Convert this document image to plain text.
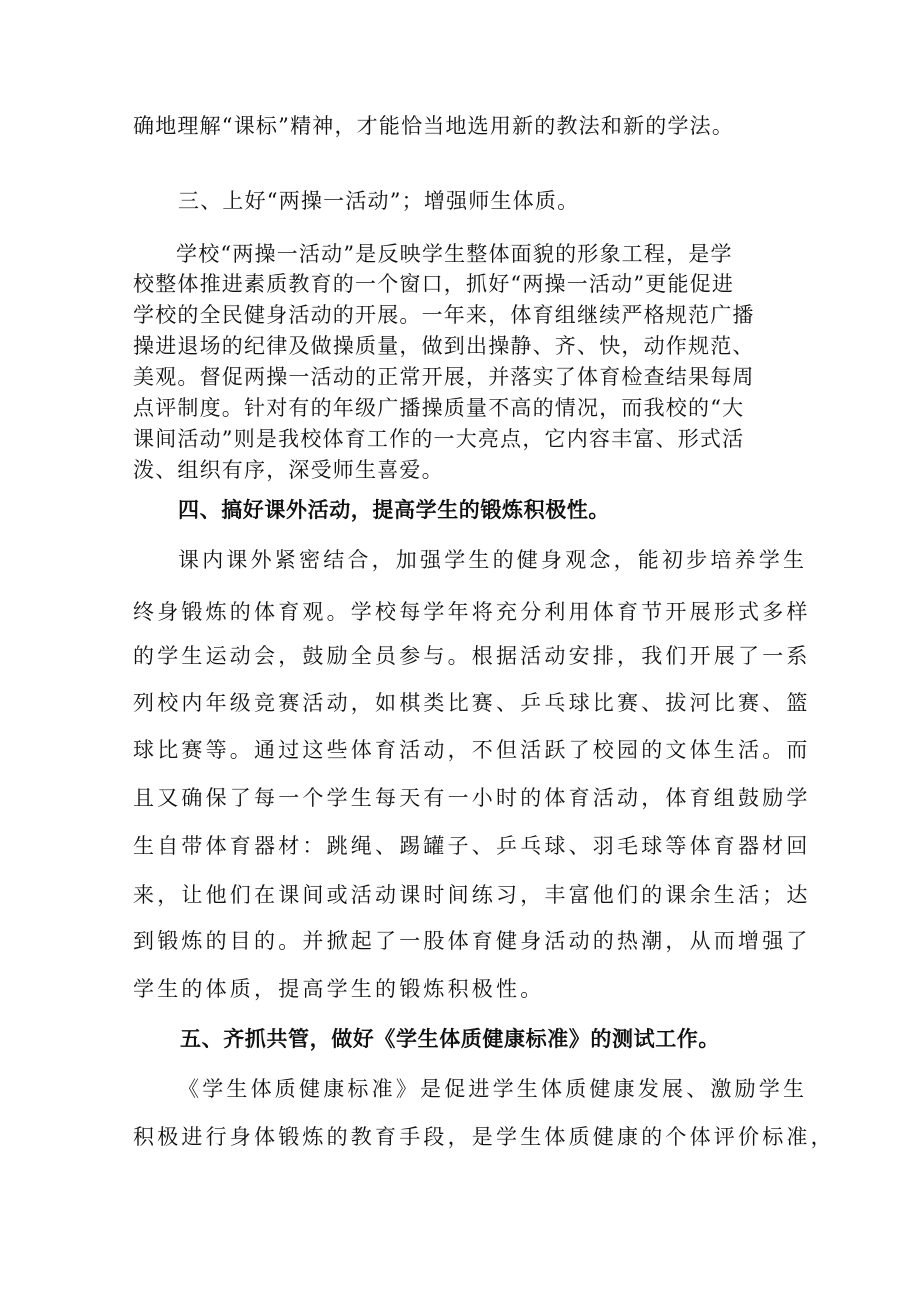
确地理解“课标”精神，才能恰当地选用新的教法和新的学法。
三、上好“两操一活动”；增强师生体质。
学校“两操一活动”是反映学生整体面貌的形象工程，是学
校整体推进素质教育的一个窗口，抓好“两操一活动”更能促进
学校的全民健身活动的开展。一年来，体育组继续严格规范广播
操进退场的纪律及做操质量，做到出操静、齐、快，动作规范、
美观。督促两操一活动的正常开展，并落实了体育检查结果每周
点评制度。针对有的年级广播操质量不高的情况，而我校的“大
课间活动”则是我校体育工作的一大亮点，它内容丰富、形式活
泼、组织有序，深受师生喜爱。
四、搞好课外活动，提高学生的锻炼积极性。
课内课外紧密结合，加强学生的健身观念，能初步培养学生
终身锻炼的体育观。学校每学年将充分利用体育节开展形式多样
的学生运动会，鼓励全员参与。根据活动安排，我们开展了一系
列校内年级竞赛活动，如棋类比赛、乒乓球比赛、拔河比赛、篮
球比赛等。通过这些体育活动，不但活跃了校园的文体生活。而
且又确保了每一个学生每天有一小时的体育活动，体育组鼓励学
生自带体育器材：跳绳、踢罐子、乒乓球、羽毛球等体育器材回
来，让他们在课间或活动课时间练习，丰富他们的课余生活；达
到锻炼的目的。并掀起了一股体育健身活动的热潮，从而增强了
学生的体质，提高学生的锻炼积极性。
五、齐抓共管，做好《学生体质健康标准》的测试工作。
《学生体质健康标准》是促进学生体质健康发展、激励学生
积极进行身体锻炼的教育手段，是学生体质健康的个体评价标准，
